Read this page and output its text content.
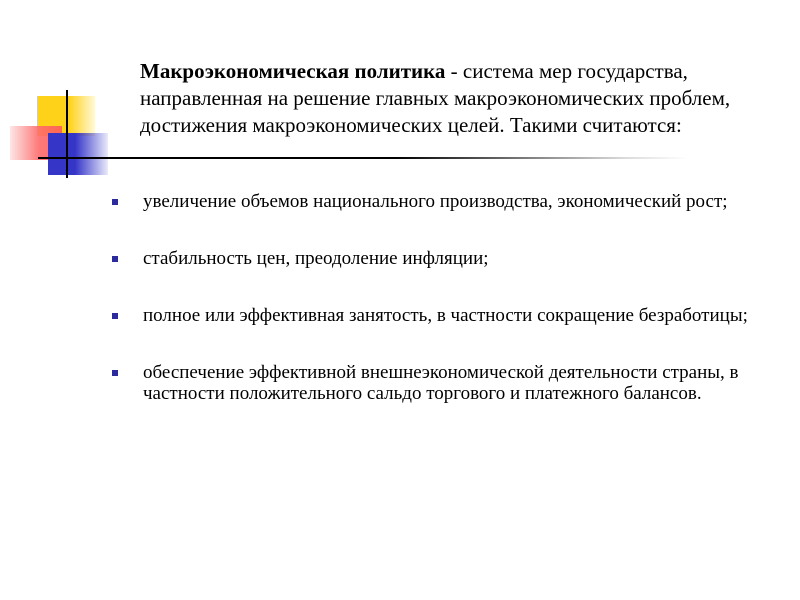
Макроэкономическая политика - система мер государства, направленная на решение главных макроэкономических проблем, достижения макроэкономических целей. Такими считаются:
увеличение объемов национального производства, экономический рост;
стабильность цен, преодоление инфляции;
полное или эффективная занятость, в частности сокращение безработицы;
обеспечение эффективной внешнеэкономической деятельности страны, в частности положительного сальдо торгового и платежного балансов.
